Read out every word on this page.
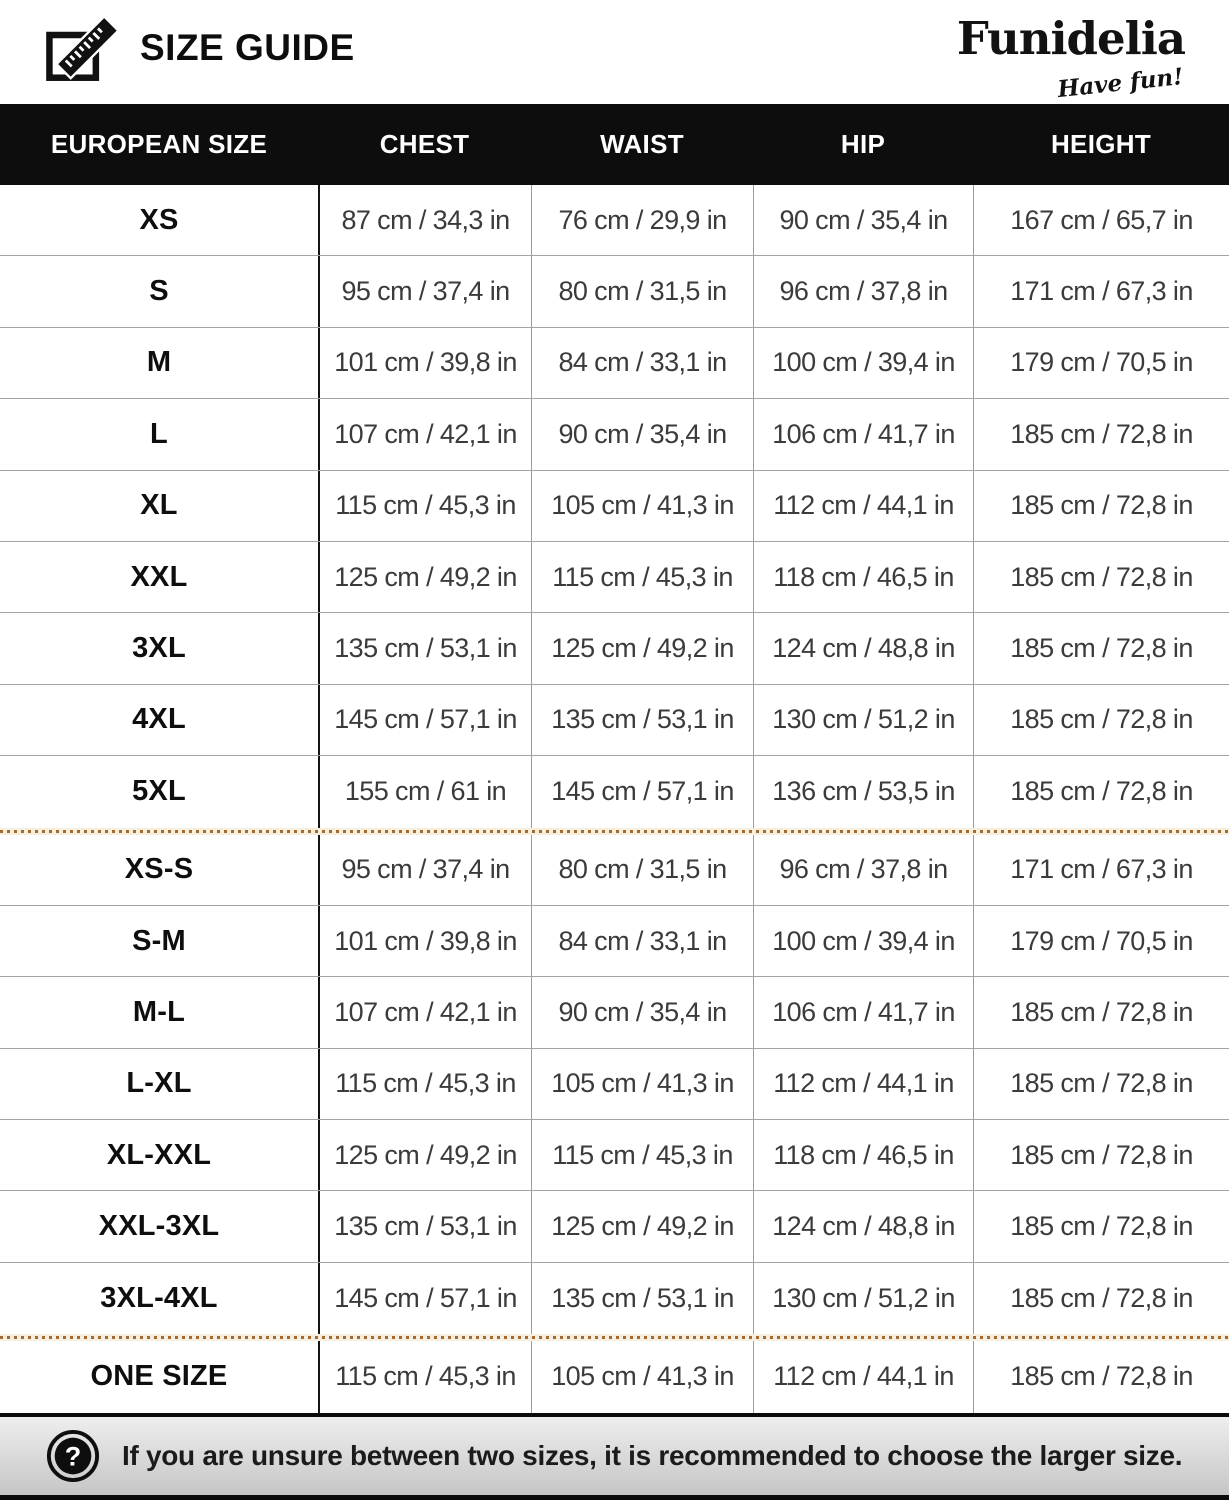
SIZE GUIDE	Funidelia
Have fun!
EUROPEAN SIZE	CHEST	WAIST	HIP	HEIGHT
XS	87 cm / 34,3 in	76 cm / 29,9 in	90 cm / 35,4 in	167 cm / 65,7 in
S	95 cm / 37,4 in	80 cm / 31,5 in	96 cm / 37,8 in	171 cm / 67,3 in
M	101 cm / 39,8 in	84 cm / 33,1 in	100 cm / 39,4 in	179 cm / 70,5 in
L	107 cm / 42,1 in	90 cm / 35,4 in	106 cm / 41,7 in	185 cm / 72,8 in
XL	115 cm / 45,3 in	105 cm / 41,3 in	112 cm / 44,1 in	185 cm / 72,8 in
XXL	125 cm / 49,2 in	115 cm / 45,3 in	118 cm / 46,5 in	185 cm / 72,8 in
3XL	135 cm / 53,1 in	125 cm / 49,2 in	124 cm / 48,8 in	185 cm / 72,8 in
4XL	145 cm / 57,1 in	135 cm / 53,1 in	130 cm / 51,2 in	185 cm / 72,8 in
5XL	155 cm / 61 in	145 cm / 57,1 in	136 cm / 53,5 in	185 cm / 72,8 in
XS-S	95 cm / 37,4 in	80 cm / 31,5 in	96 cm / 37,8 in	171 cm / 67,3 in
S-M	101 cm / 39,8 in	84 cm / 33,1 in	100 cm / 39,4 in	179 cm / 70,5 in
M-L	107 cm / 42,1 in	90 cm / 35,4 in	106 cm / 41,7 in	185 cm / 72,8 in
L-XL	115 cm / 45,3 in	105 cm / 41,3 in	112 cm / 44,1 in	185 cm / 72,8 in
XL-XXL	125 cm / 49,2 in	115 cm / 45,3 in	118 cm / 46,5 in	185 cm / 72,8 in
XXL-3XL	135 cm / 53,1 in	125 cm / 49,2 in	124 cm / 48,8 in	185 cm / 72,8 in
3XL-4XL	145 cm / 57,1 in	135 cm / 53,1 in	130 cm / 51,2 in	185 cm / 72,8 in
ONE SIZE	115 cm / 45,3 in	105 cm / 41,3 in	112 cm / 44,1 in	185 cm / 72,8 in
? If you are unsure between two sizes, it is recommended to choose the larger size.
